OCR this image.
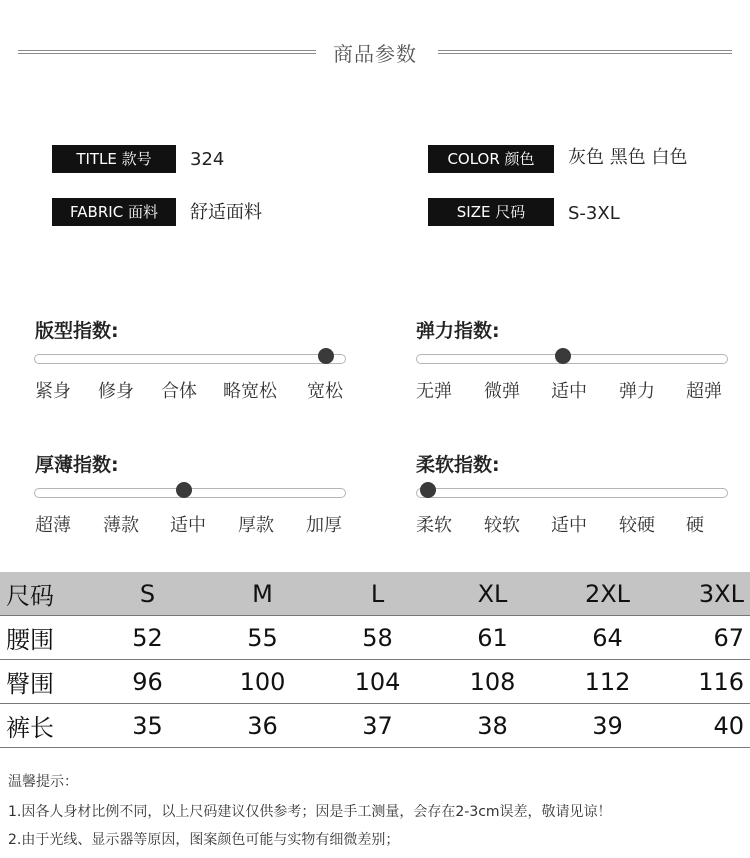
商品参数
TITLE 款号	324
FABRIC 面料	舒适面料
COLOR 颜色	灰色 黑色 白色
SIZE 尺码	S-3XL
版型指数:
紧身 修身 合体 略宽松 宽松
弹力指数:
无弹 微弹 适中 弹力 超弹
厚薄指数:
超薄 薄款 适中 厚款 加厚
柔软指数:
柔软 较软 适中 较硬 硬
尺码	S	M	L	XL	2XL	3XL
腰围	52	55	58	61	64	67
臀围	96	100	104	108	112	116
裤长	35	36	37	38	39	40
温馨提示：
1.因各人身材比例不同，以上尺码建议仅供参考；因是手工测量，会存在2-3cm误差，敬请见谅！
2.由于光线、显示器等原因，图案颜色可能与实物有细微差别；
